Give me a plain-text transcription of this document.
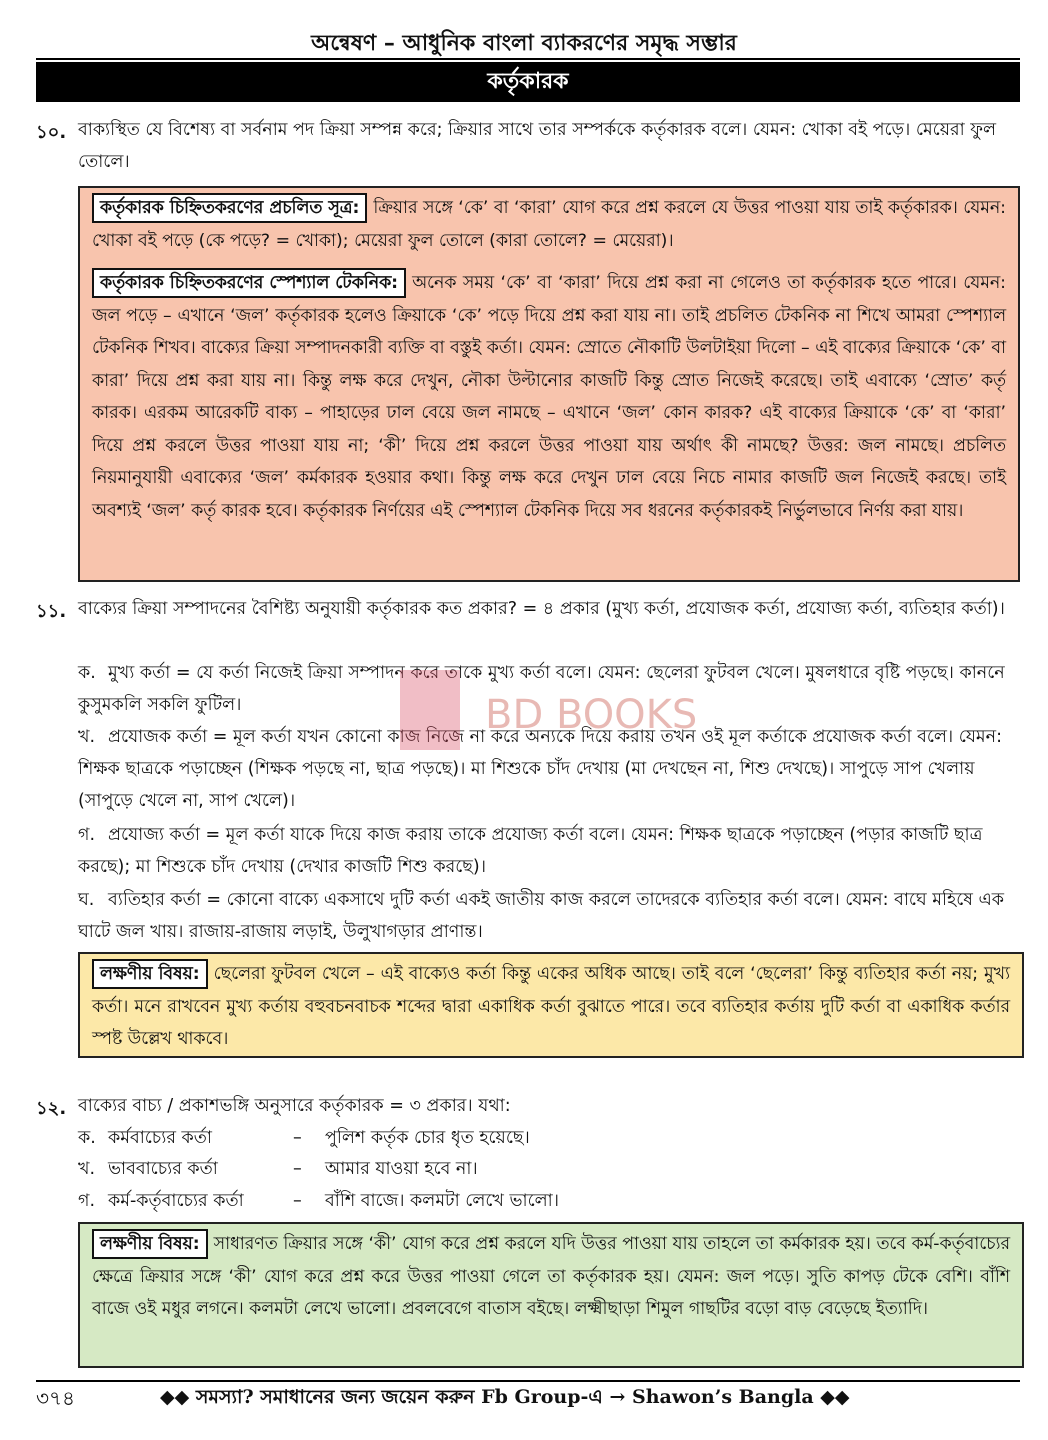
অন্বেষণ – আধুনিক বাংলা ব্যাকরণের সমৃদ্ধ সম্ভার
কর্তৃকারক
১০. বাক্যস্থিত যে বিশেষ্য বা সর্বনাম পদ ক্রিয়া সম্পন্ন করে; ক্রিয়ার সাথে তার সম্পর্ককে কর্তৃকারক বলে। যেমন: খোকা বই পড়ে। মেয়েরা ফুল তোলে।
কর্তৃকারক চিহ্নিতকরণের প্রচলিত সূত্র: ক্রিয়ার সঙ্গে ‘কে’ বা ‘কারা’ যোগ করে প্রশ্ন করলে যে উত্তর পাওয়া যায় তাই কর্তৃকারক। যেমন: খোকা বই পড়ে (কে পড়ে? = খোকা); মেয়েরা ফুল তোলে (কারা তোলে? = মেয়েরা)।
কর্তৃকারক চিহ্নিতকরণের স্পেশ্যাল টেকনিক: অনেক সময় ‘কে’ বা ‘কারা’ দিয়ে প্রশ্ন করা না গেলেও তা কর্তৃকারক হতে পারে। যেমন: জল পড়ে – এখানে ‘জল’ কর্তৃকারক হলেও ক্রিয়াকে ‘কে’ পড়ে দিয়ে প্রশ্ন করা যায় না। তাই প্রচলিত টেকনিক না শিখে আমরা স্পেশ্যাল টেকনিক শিখব। বাক্যের ক্রিয়া সম্পাদনকারী ব্যক্তি বা বস্তুই কর্তা। যেমন: স্রোতে নৌকাটি উলটাইয়া দিলো – এই বাক্যের ক্রিয়াকে ‘কে’ বা কারা’ দিয়ে প্রশ্ন করা যায় না। কিন্তু লক্ষ করে দেখুন, নৌকা উল্টানোর কাজটি কিন্তু স্রোত নিজেই করেছে। তাই এবাক্যে ‘স্রোত’ কর্তৃ কারক। এরকম আরেকটি বাক্য – পাহাড়ের ঢাল বেয়ে জল নামছে – এখানে ‘জল’ কোন কারক? এই বাক্যের ক্রিয়াকে ‘কে’ বা ‘কারা’ দিয়ে প্রশ্ন করলে উত্তর পাওয়া যায় না; ‘কী’ দিয়ে প্রশ্ন করলে উত্তর পাওয়া যায় অর্থাৎ কী নামছে? উত্তর: জল নামছে। প্রচলিত নিয়মানুযায়ী এবাক্যের ‘জল’ কর্মকারক হওয়ার কথা। কিন্তু লক্ষ করে দেখুন ঢাল বেয়ে নিচে নামার কাজটি জল নিজেই করছে। তাই অবশ্যই ‘জল’ কর্তৃ কারক হবে। কর্তৃকারক নির্ণয়ের এই স্পেশ্যাল টেকনিক দিয়ে সব ধরনের কর্তৃকারকই নির্ভুলভাবে নির্ণয় করা যায়।
১১. বাক্যের ক্রিয়া সম্পাদনের বৈশিষ্ট্য অনুযায়ী কর্তৃকারক কত প্রকার? = ৪ প্রকার (মুখ্য কর্তা, প্রযোজক কর্তা, প্রযোজ্য কর্তা, ব্যতিহার কর্তা)।
ক. মুখ্য কর্তা = যে কর্তা নিজেই ক্রিয়া সম্পাদন করে তাকে মুখ্য কর্তা বলে। যেমন: ছেলেরা ফুটবল খেলে। মুষলধারে বৃষ্টি পড়ছে। কাননে কুসুমকলি সকলি ফুটিল।
খ. প্রযোজক কর্তা = মূল কর্তা যখন কোনো কাজ নিজে না করে অন্যকে দিয়ে করায় তখন ওই মূল কর্তাকে প্রযোজক কর্তা বলে। যেমন: শিক্ষক ছাত্রকে পড়াচ্ছেন (শিক্ষক পড়ছে না, ছাত্র পড়ছে)। মা শিশুকে চাঁদ দেখায় (মা দেখছেন না, শিশু দেখছে)। সাপুড়ে সাপ খেলায় (সাপুড়ে খেলে না, সাপ খেলে)।
গ. প্রযোজ্য কর্তা = মূল কর্তা যাকে দিয়ে কাজ করায় তাকে প্রযোজ্য কর্তা বলে। যেমন: শিক্ষক ছাত্রকে পড়াচ্ছেন (পড়ার কাজটি ছাত্র করছে); মা শিশুকে চাঁদ দেখায় (দেখার কাজটি শিশু করছে)।
ঘ. ব্যতিহার কর্তা = কোনো বাক্যে একসাথে দুটি কর্তা একই জাতীয় কাজ করলে তাদেরকে ব্যতিহার কর্তা বলে। যেমন: বাঘে মহিষে এক ঘাটে জল খায়। রাজায়-রাজায় লড়াই, উলুখাগড়ার প্রাণান্ত।
লক্ষণীয় বিষয়: ছেলেরা ফুটবল খেলে – এই বাক্যেও কর্তা কিন্তু একের অধিক আছে। তাই বলে ‘ছেলেরা’ কিন্তু ব্যতিহার কর্তা নয়; মুখ্য কর্তা। মনে রাখবেন মুখ্য কর্তায় বহুবচনবাচক শব্দের দ্বারা একাধিক কর্তা বুঝাতে পারে। তবে ব্যতিহার কর্তায় দুটি কর্তা বা একাধিক কর্তার স্পষ্ট উল্লেখ থাকবে।
১২. বাক্যের বাচ্য / প্রকাশভঙ্গি অনুসারে কর্তৃকারক = ৩ প্রকার। যথা:
ক. কর্মবাচ্যের কর্তা	– পুলিশ কর্তৃক চোর ধৃত হয়েছে।
খ. ভাববাচ্যের কর্তা	– আমার যাওয়া হবে না।
গ. কর্ম-কর্তৃবাচ্যের কর্তা	– বাঁশি বাজে। কলমটা লেখে ভালো।
লক্ষণীয় বিষয়: সাধারণত ক্রিয়ার সঙ্গে ‘কী’ যোগ করে প্রশ্ন করলে যদি উত্তর পাওয়া যায় তাহলে তা কর্মকারক হয়। তবে কর্ম-কর্তৃবাচ্যের ক্ষেত্রে ক্রিয়ার সঙ্গে ‘কী’ যোগ করে প্রশ্ন করে উত্তর পাওয়া গেলে তা কর্তৃকারক হয়। যেমন: জল পড়ে। সুতি কাপড় টেকে বেশি। বাঁশি বাজে ওই মধুর লগনে। কলমটা লেখে ভালো। প্রবলবেগে বাতাস বইছে। লক্ষ্মীছাড়া শিমুল গাছটির বড়ো বাড় বেড়েছে ইত্যাদি।
BD BOOKS
৩৭৪	◆◆ সমস্যা? সমাধানের জন্য জয়েন করুন Fb Group-এ → Shawon’s Bangla ◆◆
